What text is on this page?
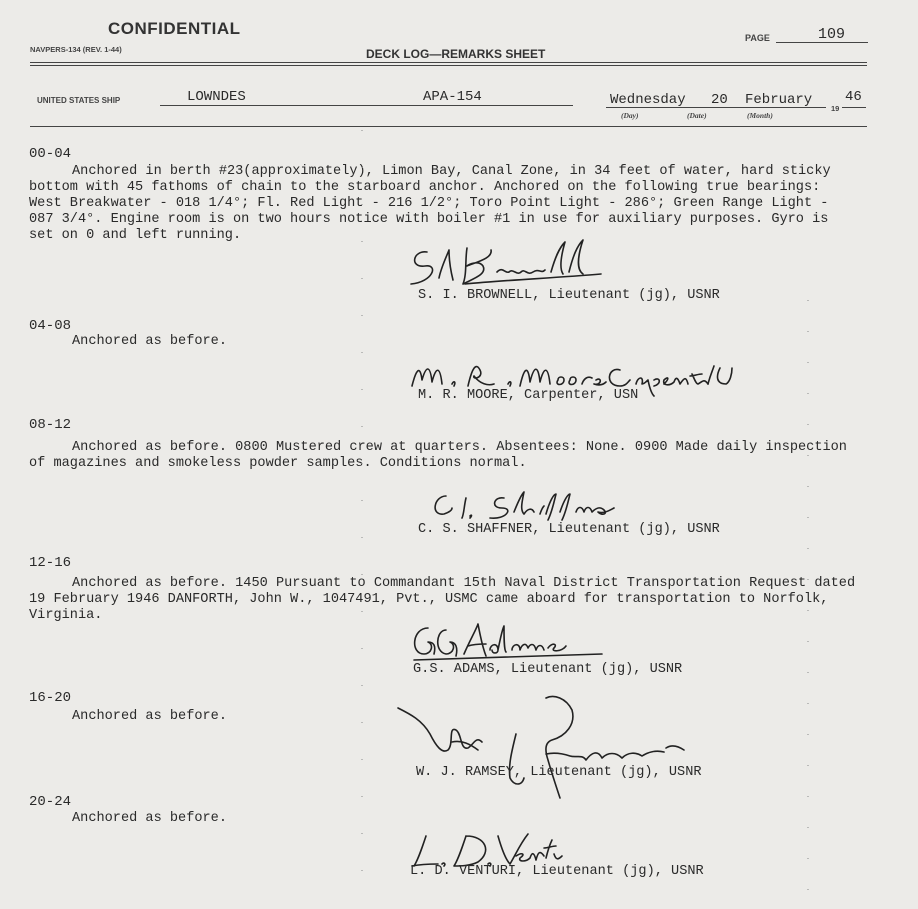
CONFIDENTIAL
NAVPERS-134 (REV. 1-44)	DECK LOG—REMARKS SHEET
PAGE	109
UNITED STATES SHIP	LOWNDES	APA-154	Wednesday 20 February
(Day)	(Date)	(Month)
19
46
00-04
Anchored in berth #23(approximately), Limon Bay, Canal Zone, in 34 feet of water, hard sticky
bottom with 45 fathoms of chain to the starboard anchor. Anchored on the following true bearings:
West Breakwater - 018 1/4°; Fl. Red Light - 216 1/2°; Toro Point Light - 286°; Green Range Light -
087 3/4°. Engine room is on two hours notice with boiler #1 in use for auxiliary purposes. Gyro is
set on 0 and left running.
S. I. BROWNELL, Lieutenant (jg), USNR
04-08
Anchored as before.
M. R. MOORE, Carpenter, USN
08-12
Anchored as before. 0800 Mustered crew at quarters. Absentees: None. 0900 Made daily inspection
of magazines and smokeless powder samples. Conditions normal.
C. S. SHAFFNER, Lieutenant (jg), USNR
12-16
Anchored as before. 1450 Pursuant to Commandant 15th Naval District Transportation Request dated
19 February 1946 DANFORTH, John W., 1047491, Pvt., USMC came aboard for transportation to Norfolk,
Virginia.
G.S. ADAMS, Lieutenant (jg), USNR
16-20
Anchored as before.
W. J. RAMSEY, Lieutenant (jg), USNR
20-24
Anchored as before.
L. D. VENTURI, Lieutenant (jg), USNR
